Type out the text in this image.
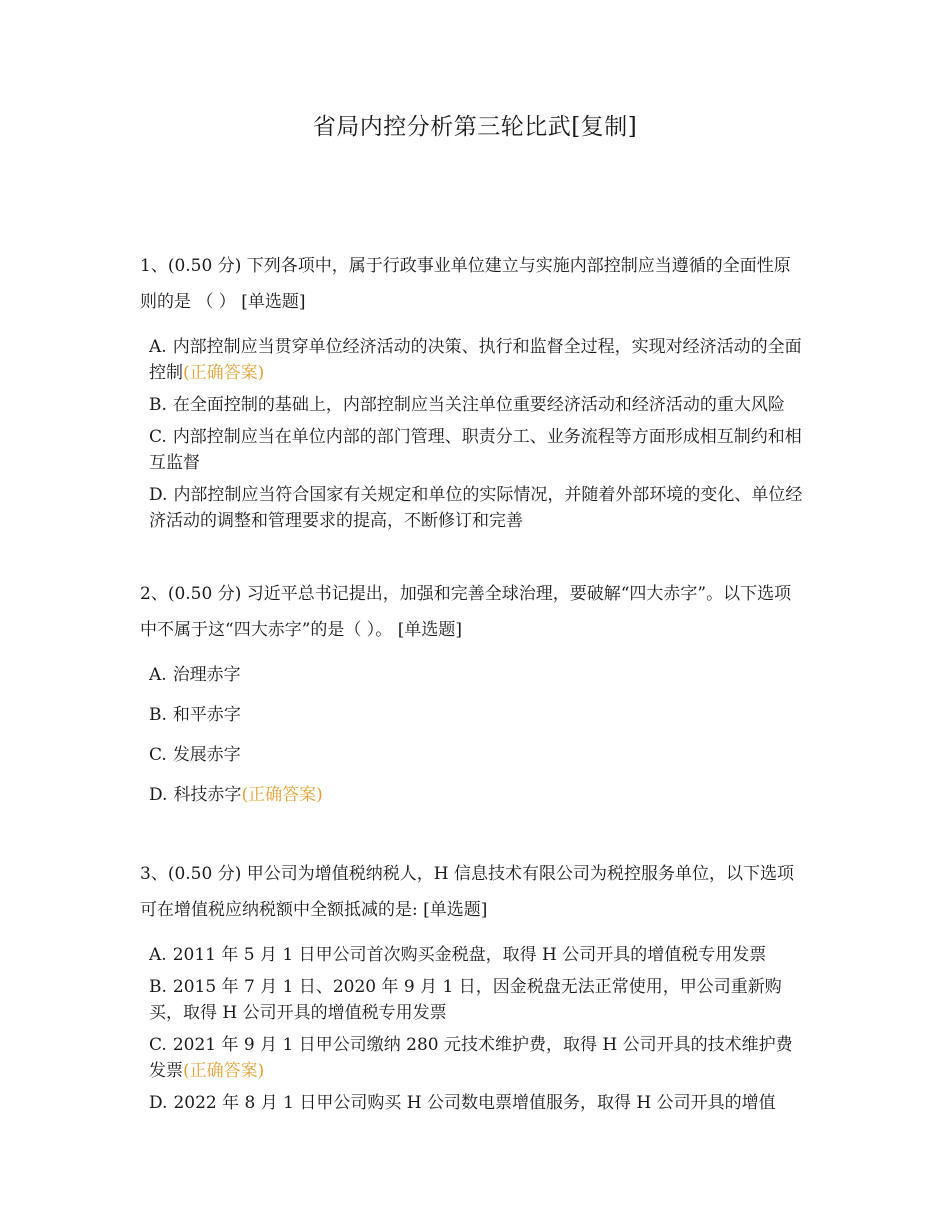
省局内控分析第三轮比武[复制]

1、(0.50 分) 下列各项中，属于行政事业单位建立与实施内部控制应当遵循的全面性原则的是 （ ） [单选题]

A. 内部控制应当贯穿单位经济活动的决策、执行和监督全过程，实现对经济活动的全面控制(正确答案)
B. 在全面控制的基础上，内部控制应当关注单位重要经济活动和经济活动的重大风险
C. 内部控制应当在单位内部的部门管理、职责分工、业务流程等方面形成相互制约和相互监督
D. 内部控制应当符合国家有关规定和单位的实际情况，并随着外部环境的变化、单位经济活动的调整和管理要求的提高，不断修订和完善

2、(0.50 分) 习近平总书记提出，加强和完善全球治理，要破解“四大赤字”。以下选项中不属于这“四大赤字”的是（ ）。 [单选题]

A. 治理赤字
B. 和平赤字
C. 发展赤字
D. 科技赤字(正确答案)

3、(0.50 分) 甲公司为增值税纳税人，H 信息技术有限公司为税控服务单位，以下选项可在增值税应纳税额中全额抵减的是: [单选题]

A. 2011 年 5 月 1 日甲公司首次购买金税盘，取得 H 公司开具的增值税专用发票
B. 2015 年 7 月 1 日、2020 年 9 月 1 日，因金税盘无法正常使用，甲公司重新购买，取得 H 公司开具的增值税专用发票
C. 2021 年 9 月 1 日甲公司缴纳 280 元技术维护费，取得 H 公司开具的技术维护费发票(正确答案)
D. 2022 年 8 月 1 日甲公司购买 H 公司数电票增值服务，取得 H 公司开具的增值
